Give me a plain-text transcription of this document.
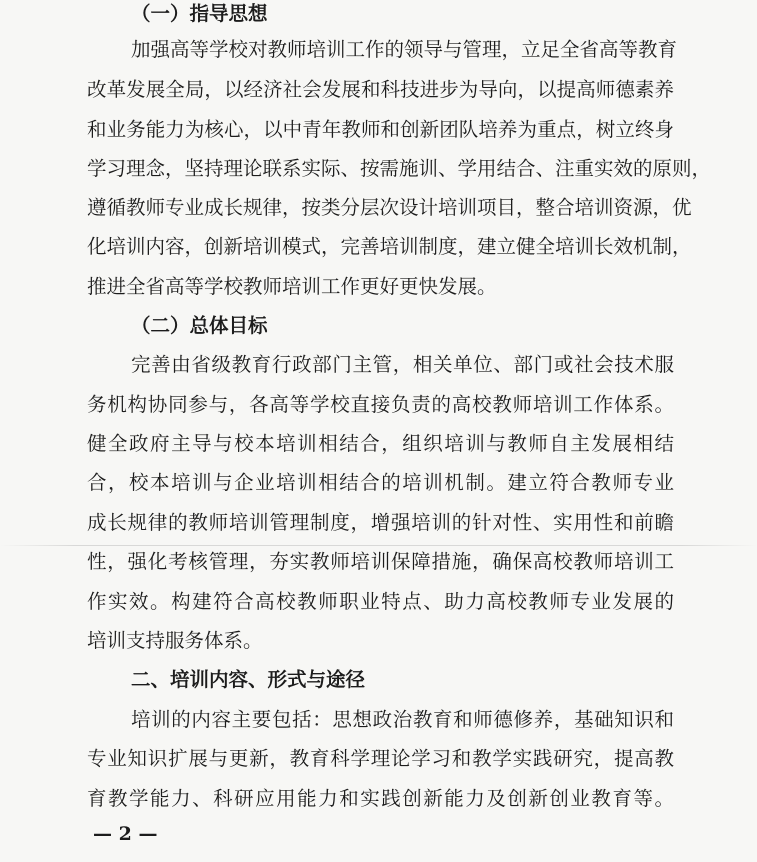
（一）指导思想
加强高等学校对教师培训工作的领导与管理，立足全省高等教育
改革发展全局，以经济社会发展和科技进步为导向，以提高师德素养
和业务能力为核心，以中青年教师和创新团队培养为重点，树立终身
学习理念，坚持理论联系实际、按需施训、学用结合、注重实效的原则，
遵循教师专业成长规律，按类分层次设计培训项目，整合培训资源，优
化培训内容，创新培训模式，完善培训制度，建立健全培训长效机制，
推进全省高等学校教师培训工作更好更快发展。
（二）总体目标
完善由省级教育行政部门主管，相关单位、部门或社会技术服
务机构协同参与，各高等学校直接负责的高校教师培训工作体系。
健全政府主导与校本培训相结合，组织培训与教师自主发展相结
合，校本培训与企业培训相结合的培训机制。建立符合教师专业
成长规律的教师培训管理制度，增强培训的针对性、实用性和前瞻
性，强化考核管理，夯实教师培训保障措施，确保高校教师培训工
作实效。构建符合高校教师职业特点、助力高校教师专业发展的
培训支持服务体系。
二、培训内容、形式与途径
培训的内容主要包括：思想政治教育和师德修养，基础知识和
专业知识扩展与更新，教育科学理论学习和教学实践研究，提高教
育教学能力、科研应用能力和实践创新能力及创新创业教育等。
— 2 —
